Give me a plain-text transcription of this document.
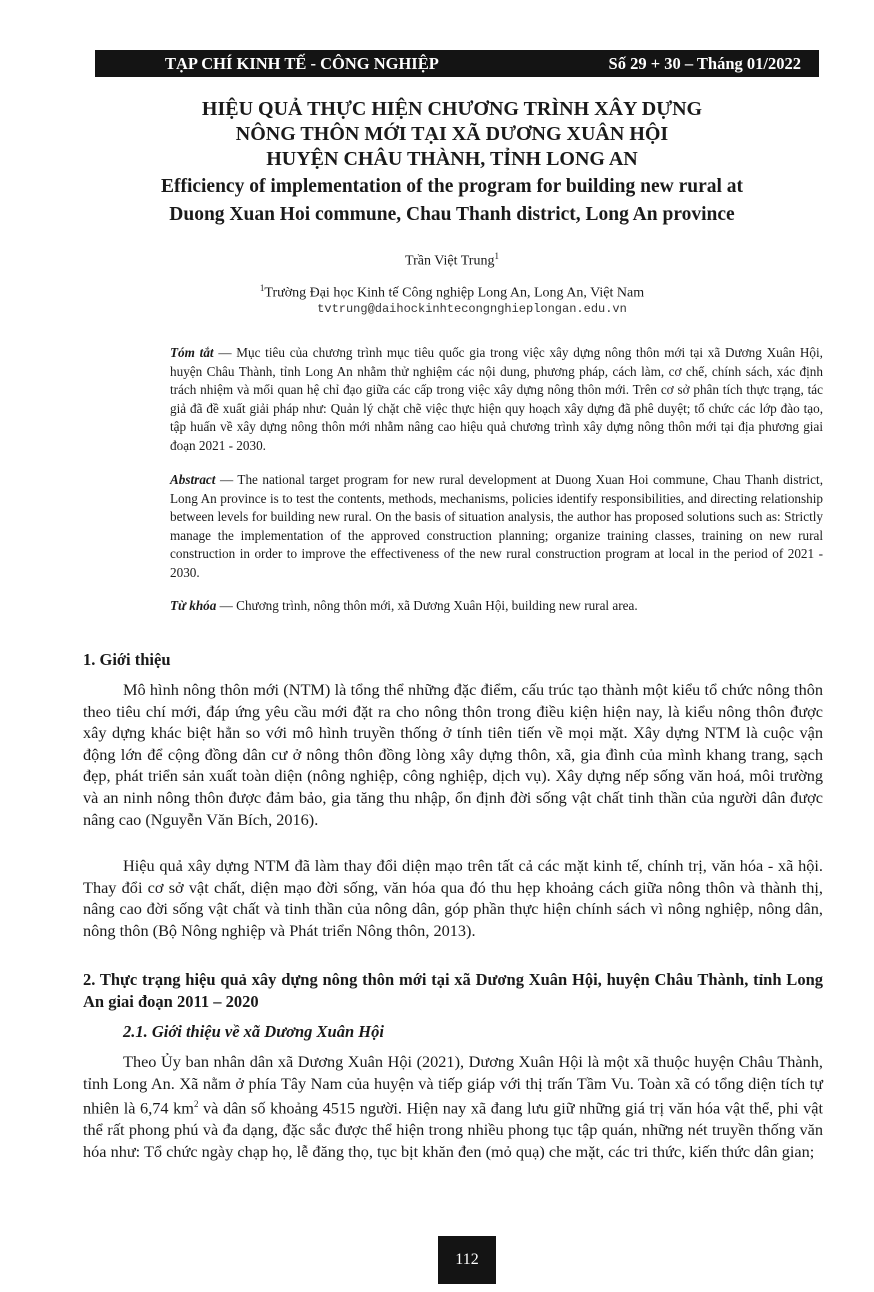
TẠP CHÍ KINH TẾ - CÔNG NGHIỆP	Số 29 + 30 – Tháng 01/2022
HIỆU QUẢ THỰC HIỆN CHƯƠNG TRÌNH XÂY DỰNG
NÔNG THÔN MỚI TẠI XÃ DƯƠNG XUÂN HỘI
HUYỆN CHÂU THÀNH, TỈNH LONG AN
Efficiency of implementation of the program for building new rural at
Duong Xuan Hoi commune, Chau Thanh district, Long An province
Trần Việt Trung$^1$
$^1$Trường Đại học Kinh tế Công nghiệp Long An, Long An, Việt Nam
tvtrung@daihockinhtecongnghieplongan.edu.vn
Tóm tắt — Mục tiêu của chương trình mục tiêu quốc gia trong việc xây dựng nông thôn mới tại xã Dương Xuân Hội, huyện Châu Thành, tỉnh Long An nhằm thử nghiệm các nội dung, phương pháp, cách làm, cơ chế, chính sách, xác định trách nhiệm và mối quan hệ chỉ đạo giữa các cấp trong việc xây dựng nông thôn mới. Trên cơ sở phân tích thực trạng, tác giả đã đề xuất giải pháp như: Quản lý chặt chẽ việc thực hiện quy hoạch xây dựng đã phê duyệt; tổ chức các lớp đào tạo, tập huấn về xây dựng nông thôn mới nhằm nâng cao hiệu quả chương trình xây dựng nông thôn mới tại địa phương giai đoạn 2021 - 2030.
Abstract — The national target program for new rural development at Duong Xuan Hoi commune, Chau Thanh district, Long An province is to test the contents, methods, mechanisms, policies identify responsibilities, and directing relationship between levels for building new rural. On the basis of situation analysis, the author has proposed solutions such as: Strictly manage the implementation of the approved construction planning; organize training classes, training on new rural construction in order to improve the effectiveness of the new rural construction program at local in the period of 2021 - 2030.
Từ khóa — Chương trình, nông thôn mới, xã Dương Xuân Hội, building new rural area.
1. Giới thiệu
Mô hình nông thôn mới (NTM) là tổng thể những đặc điểm, cấu trúc tạo thành một kiểu tổ chức nông thôn theo tiêu chí mới, đáp ứng yêu cầu mới đặt ra cho nông thôn trong điều kiện hiện nay, là kiểu nông thôn được xây dựng khác biệt hẳn so với mô hình truyền thống ở tính tiên tiến về mọi mặt. Xây dựng NTM là cuộc vận động lớn để cộng đồng dân cư ở nông thôn đồng lòng xây dựng thôn, xã, gia đình của mình khang trang, sạch đẹp, phát triển sản xuất toàn diện (nông nghiệp, công nghiệp, dịch vụ). Xây dựng nếp sống văn hoá, môi trường và an ninh nông thôn được đảm bảo, gia tăng thu nhập, ổn định đời sống vật chất tinh thần của người dân được nâng cao (Nguyễn Văn Bích, 2016).
Hiệu quả xây dựng NTM đã làm thay đổi diện mạo trên tất cả các mặt kinh tế, chính trị, văn hóa - xã hội. Thay đổi cơ sở vật chất, diện mạo đời sống, văn hóa qua đó thu hẹp khoảng cách giữa nông thôn và thành thị, nâng cao đời sống vật chất và tinh thần của nông dân, góp phần thực hiện chính sách vì nông nghiệp, nông dân, nông thôn (Bộ Nông nghiệp và Phát triển Nông thôn, 2013).
2. Thực trạng hiệu quả xây dựng nông thôn mới tại xã Dương Xuân Hội, huyện Châu Thành, tỉnh Long An giai đoạn 2011 – 2020
2.1. Giới thiệu về xã Dương Xuân Hội
Theo Ủy ban nhân dân xã Dương Xuân Hội (2021), Dương Xuân Hội là một xã thuộc huyện Châu Thành, tỉnh Long An. Xã nằm ở phía Tây Nam của huyện và tiếp giáp với thị trấn Tầm Vu. Toàn xã có tổng diện tích tự nhiên là 6,74 $km^2$ và dân số khoảng 4515 người. Hiện nay xã đang lưu giữ những giá trị văn hóa vật thể, phi vật thể rất phong phú và đa dạng, đặc sắc được thể hiện trong nhiều phong tục tập quán, những nét truyền thống văn hóa như: Tổ chức ngày chạp họ, lễ đăng thọ, tục bịt khăn đen (mỏ quạ) che mặt, các tri thức, kiến thức dân gian;
112
